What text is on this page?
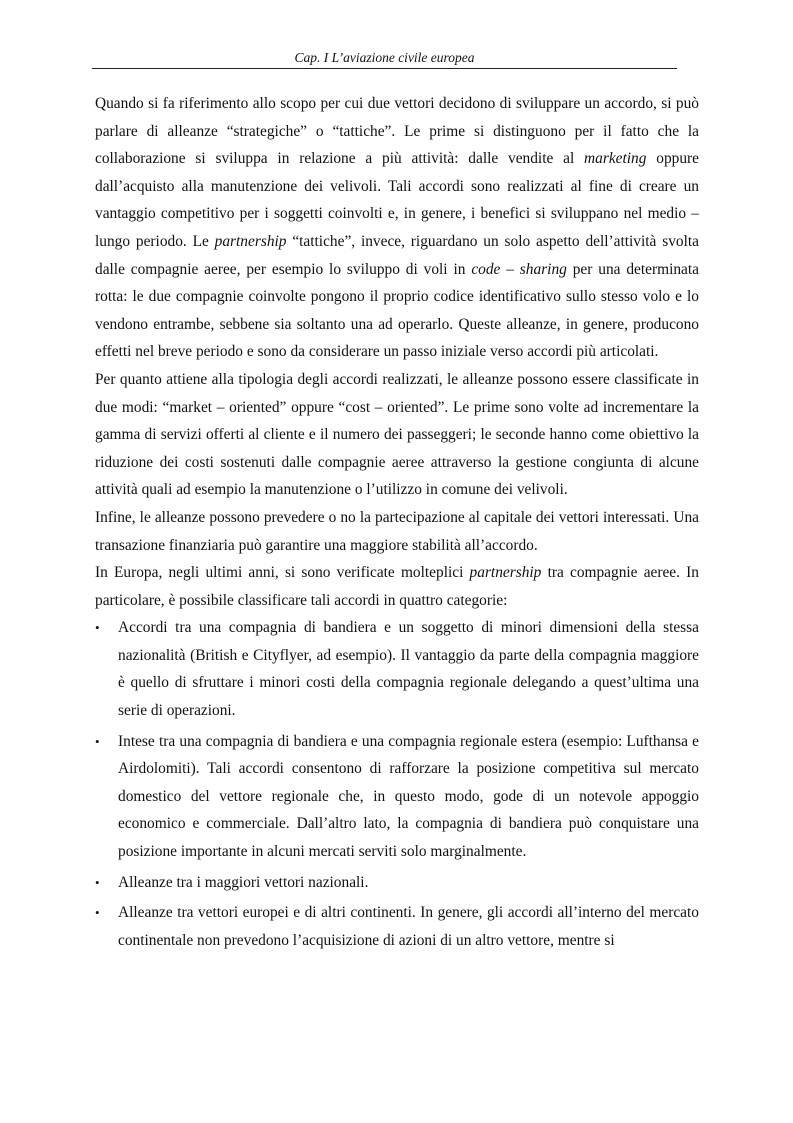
Cap. I L’aviazione civile europea

Quando si fa riferimento allo scopo per cui due vettori decidono di sviluppare un accordo, si può parlare di alleanze “strategiche” o “tattiche”. Le prime si distinguono per il fatto che la collaborazione si sviluppa in relazione a più attività: dalle vendite al marketing oppure dall’acquisto alla manutenzione dei velivoli. Tali accordi sono realizzati al fine di creare un vantaggio competitivo per i soggetti coinvolti e, in genere, i benefici si sviluppano nel medio – lungo periodo. Le partnership “tattiche”, invece, riguardano un solo aspetto dell’attività svolta dalle compagnie aeree, per esempio lo sviluppo di voli in code – sharing per una determinata rotta: le due compagnie coinvolte pongono il proprio codice identificativo sullo stesso volo e lo vendono entrambe, sebbene sia soltanto una ad operarlo. Queste alleanze, in genere, producono effetti nel breve periodo e sono da considerare un passo iniziale verso accordi più articolati.

Per quanto attiene alla tipologia degli accordi realizzati, le alleanze possono essere classificate in due modi: “market – oriented” oppure “cost – oriented”. Le prime sono volte ad incrementare la gamma di servizi offerti al cliente e il numero dei passeggeri; le seconde hanno come obiettivo la riduzione dei costi sostenuti dalle compagnie aeree attraverso la gestione congiunta di alcune attività quali ad esempio la manutenzione o l’utilizzo in comune dei velivoli.

Infine, le alleanze possono prevedere o no la partecipazione al capitale dei vettori interessati. Una transazione finanziaria può garantire una maggiore stabilità all’accordo.

In Europa, negli ultimi anni, si sono verificate molteplici partnership tra compagnie aeree. In particolare, è possibile classificare tali accordi in quattro categorie:

• Accordi tra una compagnia di bandiera e un soggetto di minori dimensioni della stessa nazionalità (British e Cityflyer, ad esempio). Il vantaggio da parte della compagnia maggiore è quello di sfruttare i minori costi della compagnia regionale delegando a quest’ultima una serie di operazioni.
• Intese tra una compagnia di bandiera e una compagnia regionale estera (esempio: Lufthansa e Airdolomiti). Tali accordi consentono di rafforzare la posizione competitiva sul mercato domestico del vettore regionale che, in questo modo, gode di un notevole appoggio economico e commerciale. Dall’altro lato, la compagnia di bandiera può conquistare una posizione importante in alcuni mercati serviti solo marginalmente.
• Alleanze tra i maggiori vettori nazionali.
• Alleanze tra vettori europei e di altri continenti. In genere, gli accordi all’interno del mercato continentale non prevedono l’acquisizione di azioni di un altro vettore, mentre si
